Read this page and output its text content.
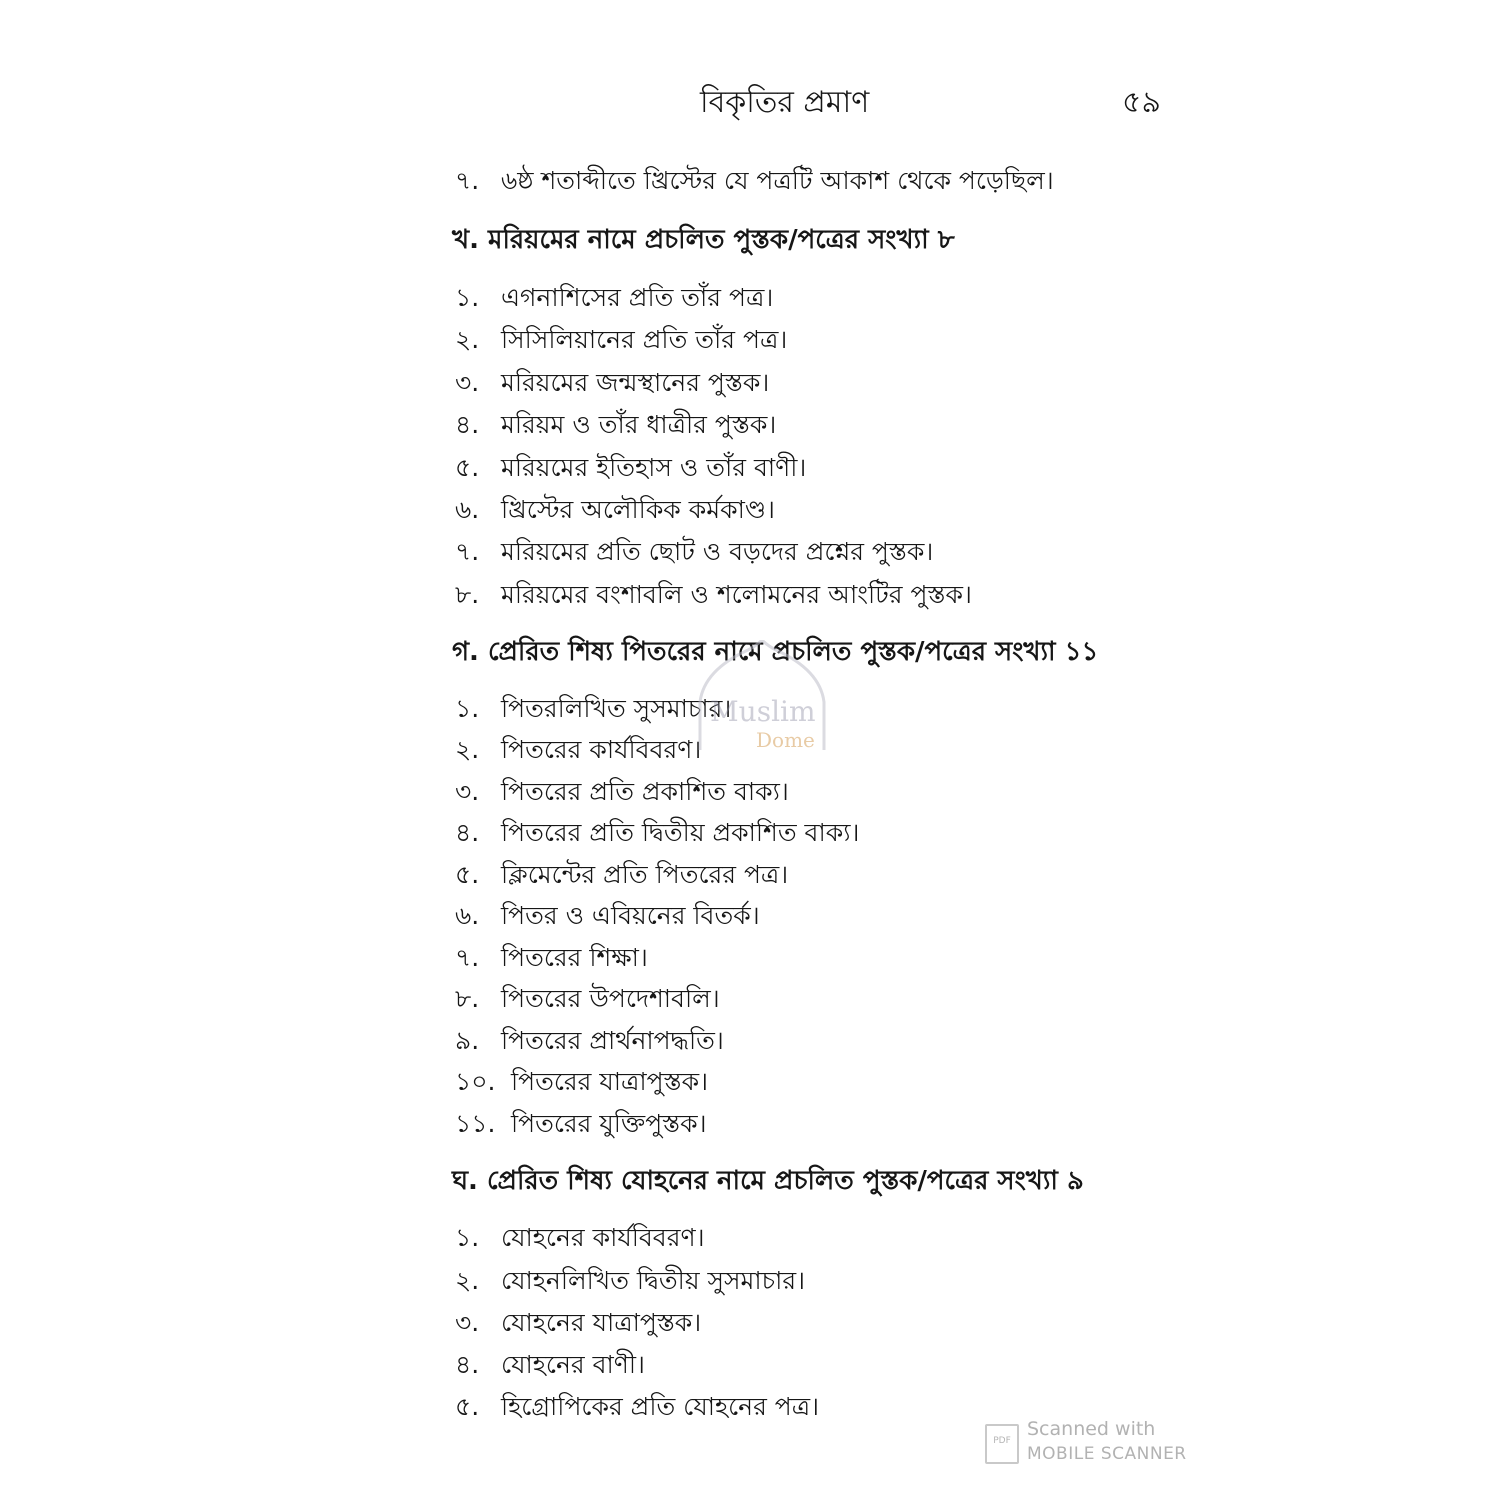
বিকৃতির প্রমাণ	৫৯
৭. ৬ষ্ঠ শতাব্দীতে খ্রিস্টের যে পত্রটি আকাশ থেকে পড়েছিল।
খ. মরিয়মের নামে প্রচলিত পুস্তক/পত্রের সংখ্যা ৮
১. এগনাশিসের প্রতি তাঁর পত্র।
২. সিসিলিয়ানের প্রতি তাঁর পত্র।
৩. মরিয়মের জন্মস্থানের পুস্তক।
৪. মরিয়ম ও তাঁর ধাত্রীর পুস্তক।
৫. মরিয়মের ইতিহাস ও তাঁর বাণী।
৬. খ্রিস্টের অলৌকিক কর্মকাণ্ড।
৭. মরিয়মের প্রতি ছোট ও বড়দের প্রশ্নের পুস্তক।
৮. মরিয়মের বংশাবলি ও শলোমনের আংটির পুস্তক।
গ. প্রেরিত শিষ্য পিতরের নামে প্রচলিত পুস্তক/পত্রের সংখ্যা ১১
১. পিতরলিখিত সুসমাচার।
২. পিতরের কার্যবিবরণ।
৩. পিতরের প্রতি প্রকাশিত বাক্য।
৪. পিতরের প্রতি দ্বিতীয় প্রকাশিত বাক্য।
৫. ক্লিমেন্টের প্রতি পিতরের পত্র।
৬. পিতর ও এবিয়নের বিতর্ক।
৭. পিতরের শিক্ষা।
৮. পিতরের উপদেশাবলি।
৯. পিতরের প্রার্থনাপদ্ধতি।
১০. পিতরের যাত্রাপুস্তক।
১১. পিতরের যুক্তিপুস্তক।
ঘ. প্রেরিত শিষ্য যোহনের নামে প্রচলিত পুস্তক/পত্রের সংখ্যা ৯
১. যোহনের কার্যবিবরণ।
২. যোহনলিখিত দ্বিতীয় সুসমাচার।
৩. যোহনের যাত্রাপুস্তক।
৪. যোহনের বাণী।
৫. হিগ্রোপিকের প্রতি যোহনের পত্র।
Muslim
Dome
PDF
Scanned with
MOBILE SCANNER
